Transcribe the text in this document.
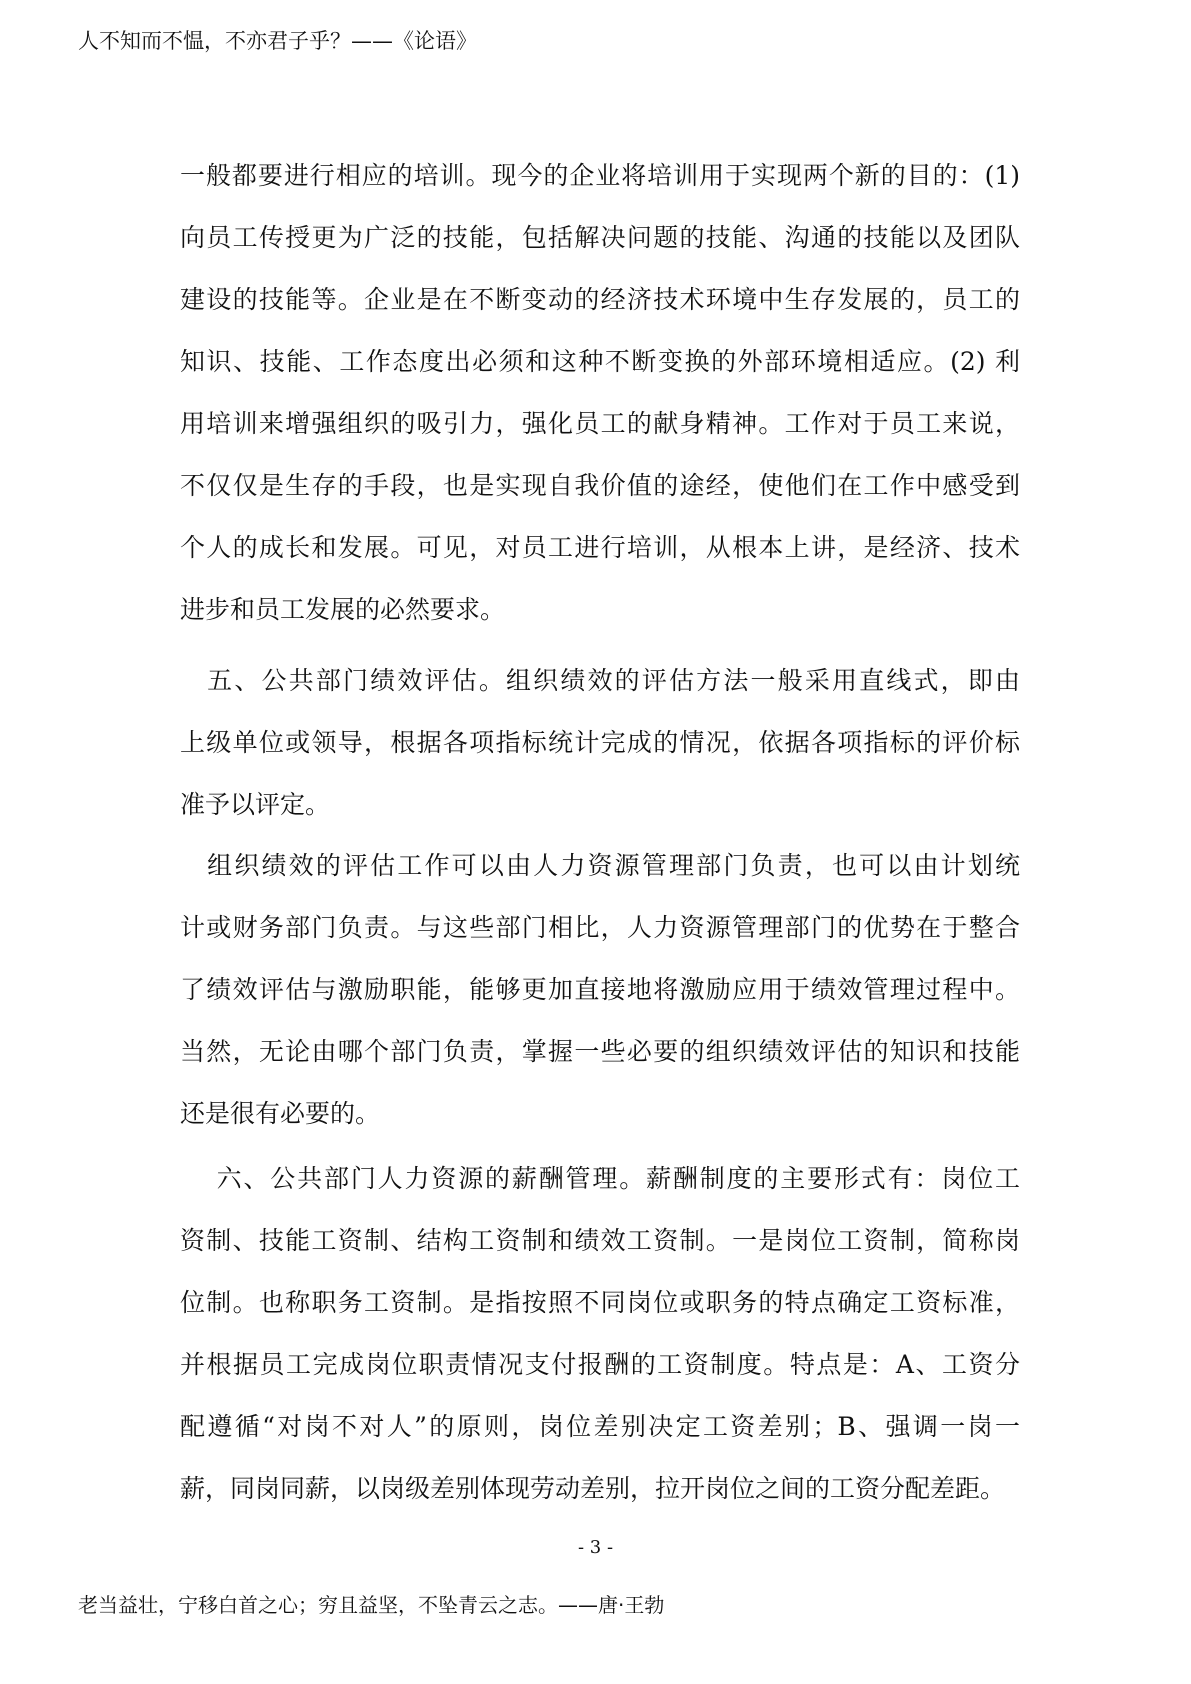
人不知而不愠，不亦君子乎？——《论语》
一般都要进行相应的培训。现今的企业将培训用于实现两个新的目的：(1)
向员工传授更为广泛的技能，包括解决问题的技能、沟通的技能以及团队
建设的技能等。企业是在不断变动的经济技术环境中生存发展的，员工的
知识、技能、工作态度出必须和这种不断变换的外部环境相适应。(2) 利
用培训来增强组织的吸引力，强化员工的献身精神。工作对于员工来说，
不仅仅是生存的手段，也是实现自我价值的途经，使他们在工作中感受到
个人的成长和发展。可见，对员工进行培训，从根本上讲，是经济、技术
进步和员工发展的必然要求。
　五、公共部门绩效评估。组织绩效的评估方法一般采用直线式，即由
上级单位或领导，根据各项指标统计完成的情况，依据各项指标的评价标
准予以评定。
　组织绩效的评估工作可以由人力资源管理部门负责，也可以由计划统
计或财务部门负责。与这些部门相比，人力资源管理部门的优势在于整合
了绩效评估与激励职能，能够更加直接地将激励应用于绩效管理过程中。
当然，无论由哪个部门负责，掌握一些必要的组织绩效评估的知识和技能
还是很有必要的。
　 六、公共部门人力资源的薪酬管理。薪酬制度的主要形式有：岗位工
资制、技能工资制、结构工资制和绩效工资制。一是岗位工资制，简称岗
位制。也称职务工资制。是指按照不同岗位或职务的特点确定工资标准，
并根据员工完成岗位职责情况支付报酬的工资制度。特点是：A、工资分
配遵循“对岗不对人”的原则，岗位差别决定工资差别；B、强调一岗一
薪，同岗同薪，以岗级差别体现劳动差别，拉开岗位之间的工资分配差距。
- 3 -
老当益壮，宁移白首之心；穷且益坚，不坠青云之志。——唐·王勃
